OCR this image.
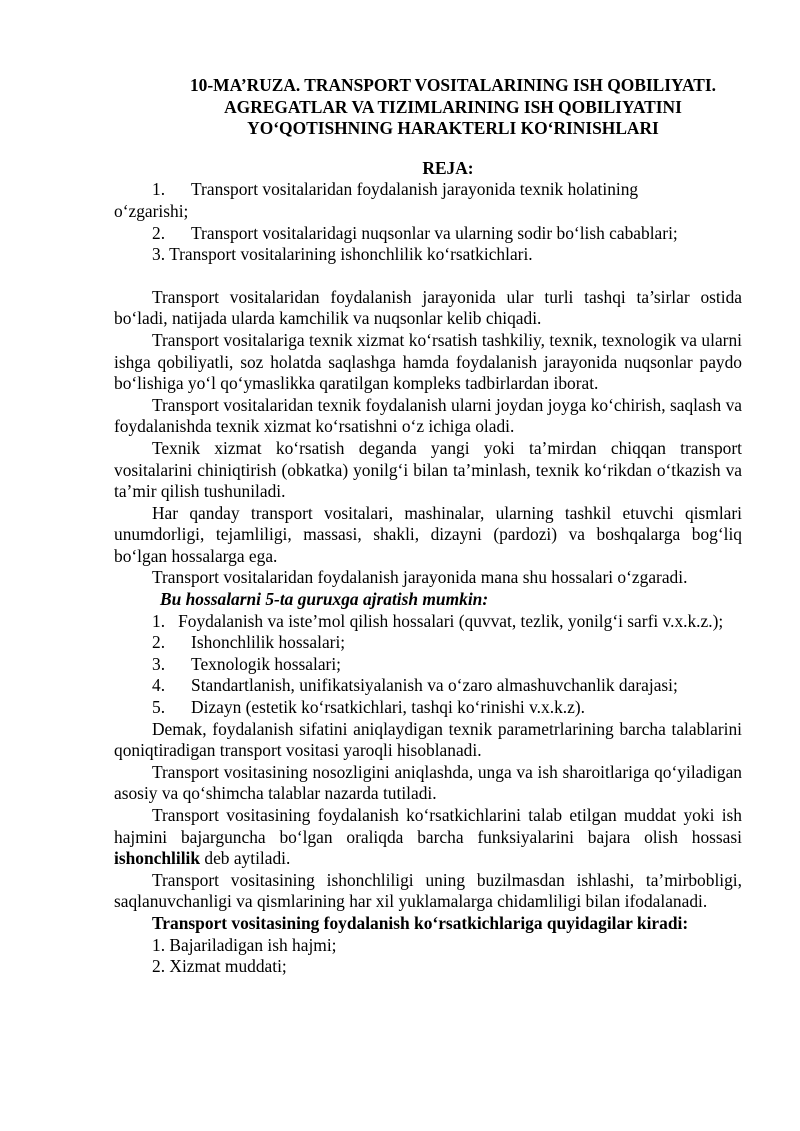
10-MA’RUZA. TRANSPORT VOSITALARINING ISH QOBILIYATI.
AGREGATLAR VA TIZIMLARINING ISH QOBILIYATINI
YO‘QOTISHNING HARAKTERLI KO‘RINISHLARI
REJA:
1. Transport vositalaridan foydalanish jarayonida texnik holatining
o‘zgarishi;
2. Transport vositalaridagi nuqsonlar va ularning sodir bo‘lish cabablari;
3. Transport vositalarining ishonchlilik ko‘rsatkichlari.

Transport vositalaridan foydalanish jarayonida ular turli tashqi ta’sirlar ostida bo‘ladi, natijada ularda kamchilik va nuqsonlar kelib chiqadi.

Transport vositalariga texnik xizmat ko‘rsatish tashkiliy, texnik, texnologik va ularni ishga qobiliyatli, soz holatda saqlashga hamda foydalanish jarayonida nuqsonlar paydo bo‘lishiga yo‘l qo‘ymaslikka qaratilgan kompleks tadbirlardan iborat.

Transport vositalaridan texnik foydalanish ularni joydan joyga ko‘chirish, saqlash va foydalanishda texnik xizmat ko‘rsatishni o‘z ichiga oladi.

Texnik xizmat ko‘rsatish deganda yangi yoki ta’mirdan chiqqan transport vositalarini chiniqtirish (obkatka) yonilg‘i bilan ta’minlash, texnik ko‘rikdan o‘tkazish va ta’mir qilish tushuniladi.

Har qanday transport vositalari, mashinalar, ularning tashkil etuvchi qismlari unumdorligi, tejamliligi, massasi, shakli, dizayni (pardozi) va boshqalarga bog‘liq bo‘lgan hossalarga ega.

Transport vositalaridan foydalanish jarayonida mana shu hossalari o‘zgaradi.

Bu hossalarni 5-ta guruxga ajratish mumkin:

1. Foydalanish va iste’mol qilish hossalari (quvvat, tezlik, yonilg‘i sarfi v.x.k.z.);

2. Ishonchlilik hossalari;
3. Texnologik hossalari;
4. Standartlanish, unifikatsiyalanish va o‘zaro almashuvchanlik darajasi;
5. Dizayn (estetik ko‘rsatkichlari, tashqi ko‘rinishi v.x.k.z).

Demak, foydalanish sifatini aniqlaydigan texnik parametrlarining barcha talablarini qoniqtiradigan transport vositasi yaroqli hisoblanadi.

Transport vositasining nosozligini aniqlashda, unga va ish sharoitlariga qo‘yiladigan asosiy va qo‘shimcha talablar nazarda tutiladi.

Transport vositasining foydalanish ko‘rsatkichlarini talab etilgan muddat yoki ish hajmini bajarguncha bo‘lgan oraliqda barcha funksiyalarini bajara olish hossasi ishonchlilik deb aytiladi.

Transport vositasining ishonchliligi uning buzilmasdan ishlashi, ta’mirbobligi, saqlanuvchanligi va qismlarining har xil yuklamalarga chidamliligi bilan ifodalanadi.

Transport vositasining foydalanish ko‘rsatkichlariga quyidagilar kiradi:

1. Bajariladigan ish hajmi;
2. Xizmat muddati;
